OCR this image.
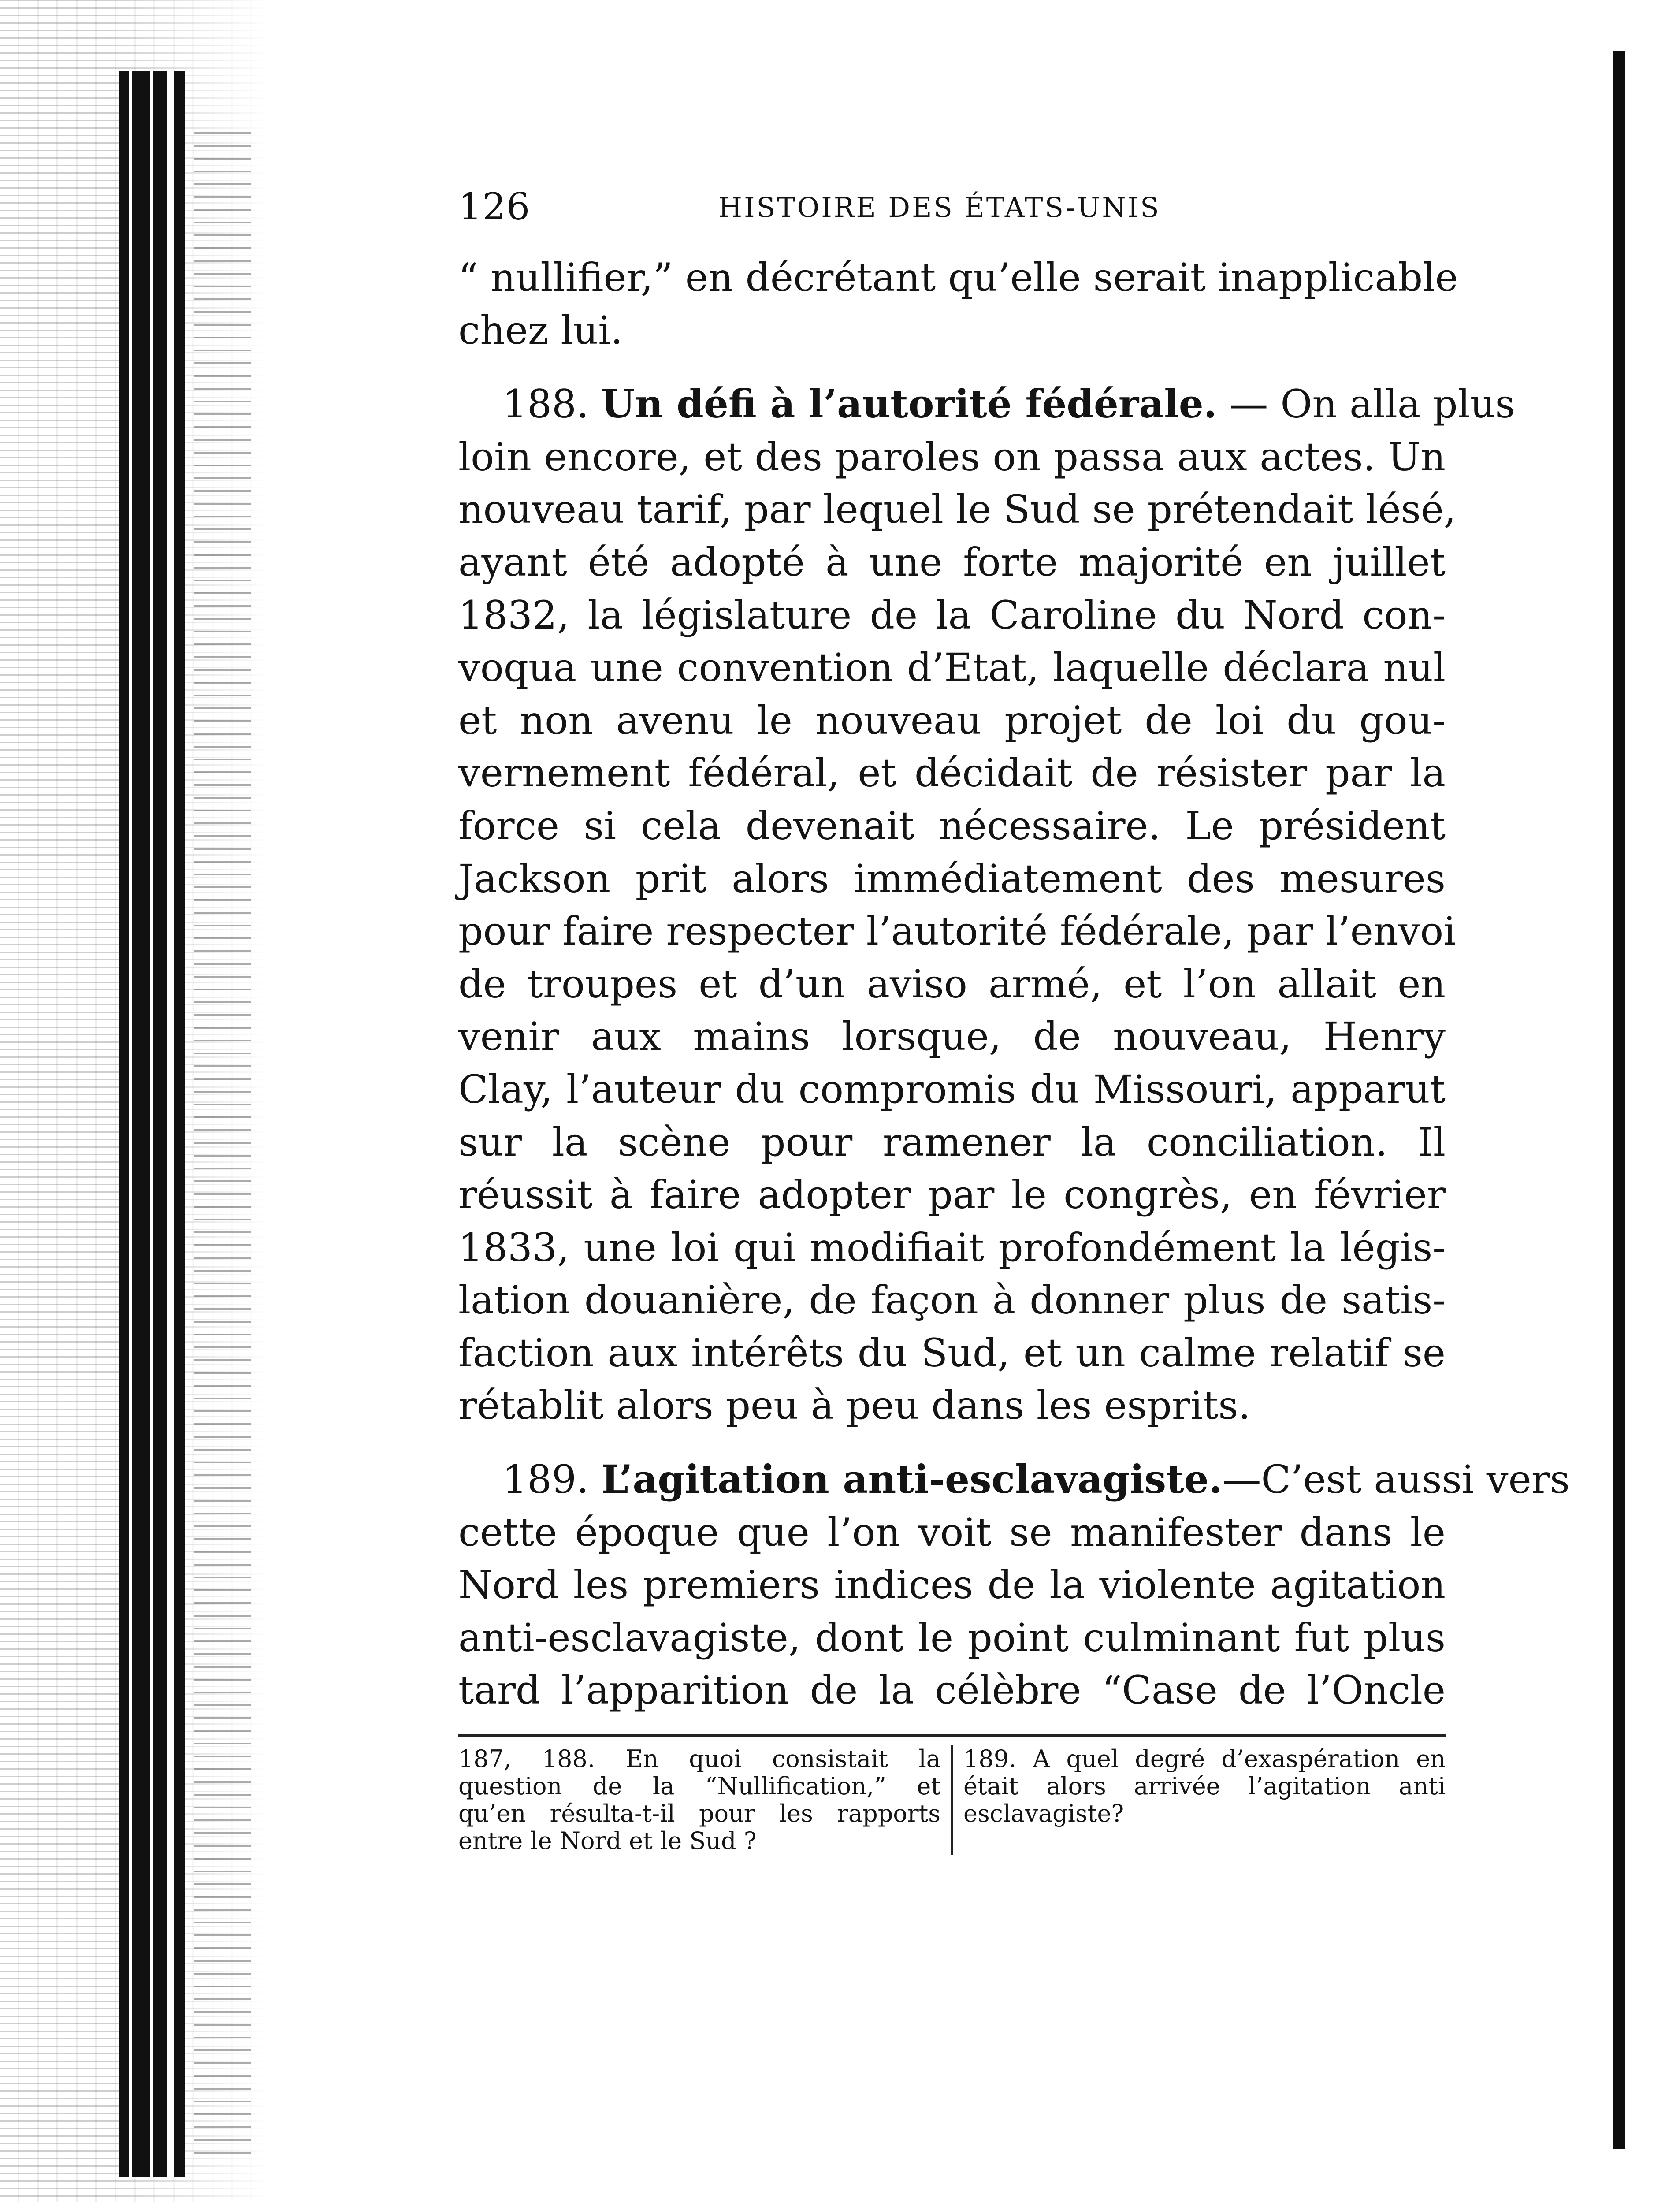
126	HISTOIRE DES ÉTATS-UNIS
“ nullifier,” en décrétant qu’elle serait inapplicable
chez lui.
188. Un défi à l’autorité fédérale. — On alla plus
loin encore, et des paroles on passa aux actes. Un
nouveau tarif, par lequel le Sud se prétendait lésé,
ayant été adopté à une forte majorité en juillet
1832, la législature de la Caroline du Nord con-
voqua une convention d’Etat, laquelle déclara nul
et non avenu le nouveau projet de loi du gou-
vernement fédéral, et décidait de résister par la
force si cela devenait nécessaire. Le président
Jackson prit alors immédiatement des mesures
pour faire respecter l’autorité fédérale, par l’envoi
de troupes et d’un aviso armé, et l’on allait en
venir aux mains lorsque, de nouveau, Henry
Clay, l’auteur du compromis du Missouri, apparut
sur la scène pour ramener la conciliation. Il
réussit à faire adopter par le congrès, en février
1833, une loi qui modifiait profondément la légis-
lation douanière, de façon à donner plus de satis-
faction aux intérêts du Sud, et un calme relatif se
rétablit alors peu à peu dans les esprits.
189. L’agitation anti-esclavagiste.—C’est aussi vers
cette époque que l’on voit se manifester dans le
Nord les premiers indices de la violente agitation
anti-esclavagiste, dont le point culminant fut plus
tard l’apparition de la célèbre “Case de l’Oncle
187, 188. En quoi consistait la
question de la “Nullification,” et
qu’en résulta-t-il pour les rapports
entre le Nord et le Sud ?
189. A quel degré d’exaspération en
était alors arrivée l’agitation anti
esclavagiste?
